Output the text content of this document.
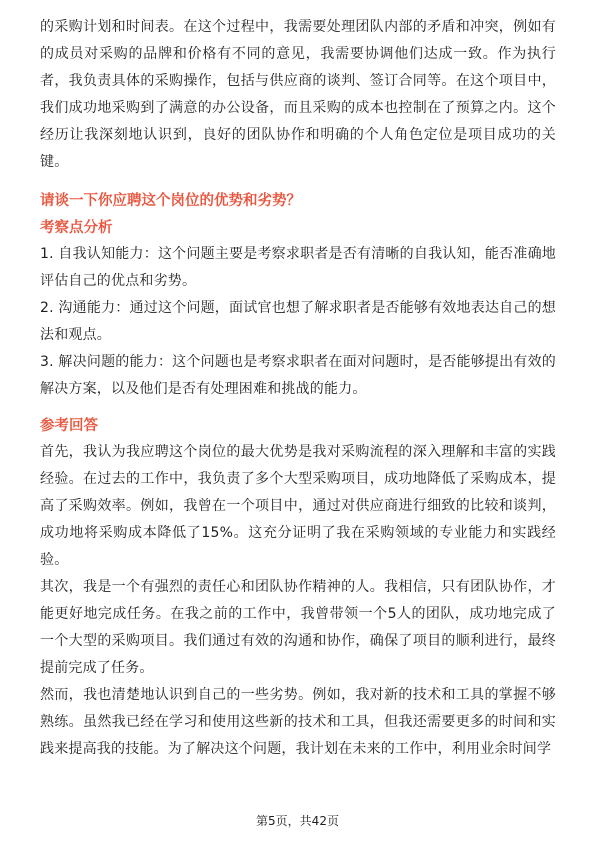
的采购计划和时间表。在这个过程中，我需要处理团队内部的矛盾和冲突，例如有的成员对采购的品牌和价格有不同的意见，我需要协调他们达成一致。作为执行者，我负责具体的采购操作，包括与供应商的谈判、签订合同等。在这个项目中，我们成功地采购到了满意的办公设备，而且采购的成本也控制在了预算之内。这个经历让我深刻地认识到，良好的团队协作和明确的个人角色定位是项目成功的关键。

请谈一下你应聘这个岗位的优势和劣势？
考察点分析

1. 自我认知能力：这个问题主要是考察求职者是否有清晰的自我认知，能否准确地评估自己的优点和劣势。

2. 沟通能力：通过这个问题，面试官也想了解求职者是否能够有效地表达自己的想法和观点。

3. 解决问题的能力：这个问题也是考察求职者在面对问题时，是否能够提出有效的解决方案，以及他们是否有处理困难和挑战的能力。

参考回答

首先，我认为我应聘这个岗位的最大优势是我对采购流程的深入理解和丰富的实践经验。在过去的工作中，我负责了多个大型采购项目，成功地降低了采购成本，提高了采购效率。例如，我曾在一个项目中，通过对供应商进行细致的比较和谈判，成功地将采购成本降低了15%。这充分证明了我在采购领域的专业能力和实践经验。

其次，我是一个有强烈的责任心和团队协作精神的人。我相信，只有团队协作，才能更好地完成任务。在我之前的工作中，我曾带领一个5人的团队，成功地完成了一个大型的采购项目。我们通过有效的沟通和协作，确保了项目的顺利进行，最终提前完成了任务。

然而，我也清楚地认识到自己的一些劣势。例如，我对新的技术和工具的掌握不够熟练。虽然我已经在学习和使用这些新的技术和工具，但我还需要更多的时间和实践来提高我的技能。为了解决这个问题，我计划在未来的工作中，利用业余时间学

第5页，共42页
